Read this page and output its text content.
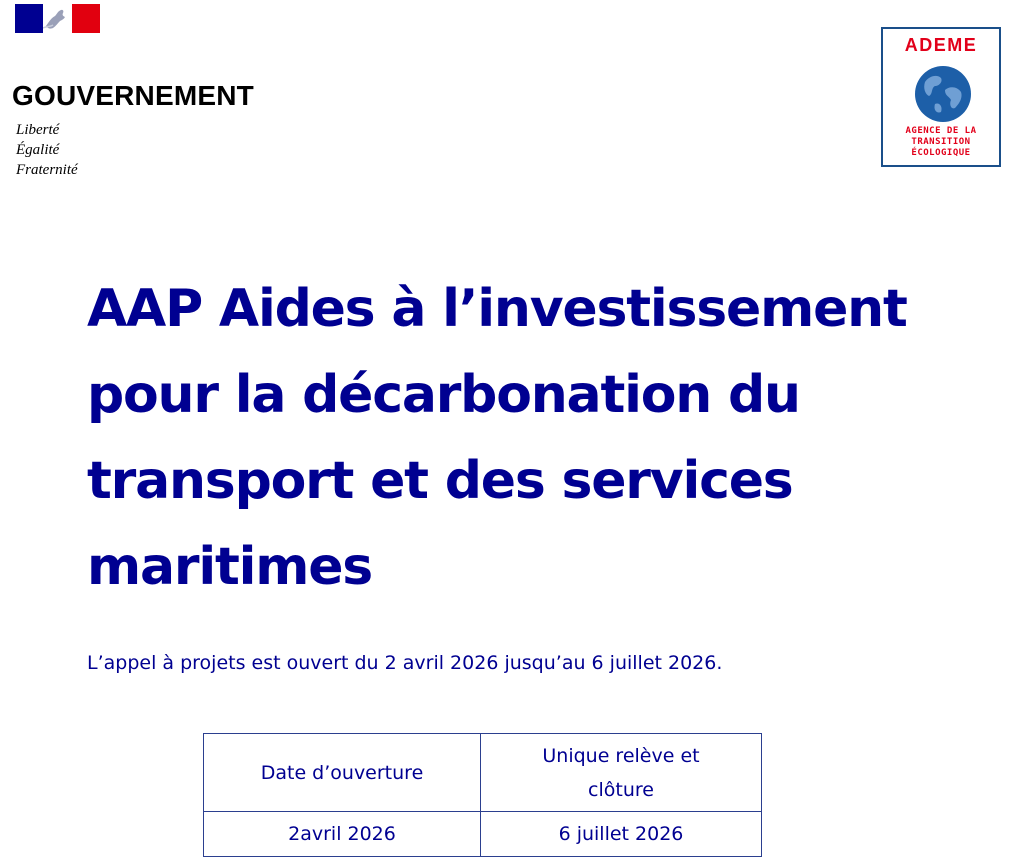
GOUVERNEMENT
Liberté
Égalité
Fraternité
ADEME
AGENCE DE LA
TRANSITION
ÉCOLOGIQUE
AAP Aides à l’investissement
pour la décarbonation du
transport et des services
maritimes
L’appel à projets est ouvert du 2 avril 2026 jusqu’au 6 juillet 2026.
Date d’ouverture	Unique relève et
clôture

2avril 2026	6 juillet 2026
